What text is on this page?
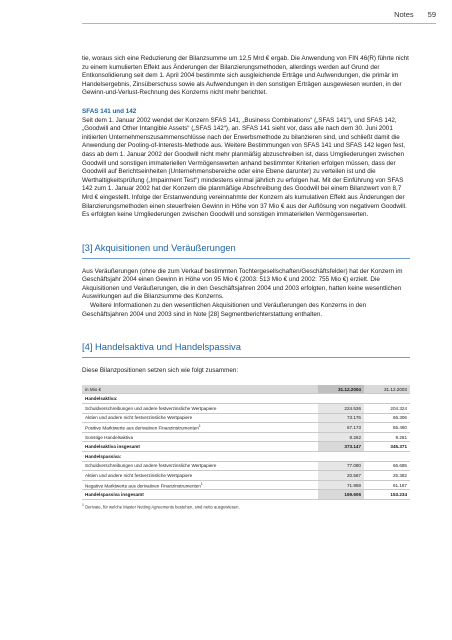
Notes 59

tie, woraus sich eine Reduzierung der Bilanzsumme um 12,5 Mrd € ergab. Die Anwendung von FIN 46(R) führte nicht zu einem kumulierten Effekt aus Änderungen der Bilanzierungsmethoden, allerdings werden auf Grund der Entkonsolidierung seit dem 1. April 2004 bestimmte sich ausgleichende Erträge und Aufwendungen, die primär im Handelsergebnis, Zinsüberschuss sowie als Aufwendungen in den sonstigen Erträgen ausgewiesen wurden, in der Gewinn-und-Verlust-Rechnung des Konzerns nicht mehr berichtet.

SFAS 141 und 142

Seit dem 1. Januar 2002 wendet der Konzern SFAS 141, „Business Combinations“ („SFAS 141“), und SFAS 142, „Goodwill and Other Intangible Assets“ („SFAS 142“), an. SFAS 141 sieht vor, dass alle nach dem 30. Juni 2001 initiierten Unternehmenszusammenschlüsse nach der Erwerbsmethode zu bilanzieren sind, und schließt damit die Anwendung der Pooling-of-Interests-Methode aus. Weitere Bestimmungen von SFAS 141 und SFAS 142 legen fest, dass ab dem 1. Januar 2002 der Goodwill nicht mehr planmäßig abzuschreiben ist, dass Umgliederungen zwischen Goodwill und sonstigen immateriellen Vermögenswerten anhand bestimmter Kriterien erfolgen müssen, dass der Goodwill auf Berichtseinheiten (Unternehmensbereiche oder eine Ebene darunter) zu verteilen ist und die Werthaltigkeitsprüfung („Impairment Test“) mindestens einmal jährlich zu erfolgen hat. Mit der Einführung von SFAS 142 zum 1. Januar 2002 hat der Konzern die planmäßige Abschreibung des Goodwill bei einem Bilanzwert von 8,7 Mrd € eingestellt. Infolge der Erstanwendung vereinnahmte der Konzern als kumulativen Effekt aus Änderungen der Bilanzierungsmethoden einen steuerfreien Gewinn in Höhe von 37 Mio € aus der Auflösung von negativem Goodwill. Es erfolgten keine Umgliederungen zwischen Goodwill und sonstigen immateriellen Vermögenswerten.

[3] Akquisitionen und Veräußerungen

Aus Veräußerungen (ohne die zum Verkauf bestimmten Tochtergesellschaften/Geschäftsfelder) hat der Konzern im Geschäftsjahr 2004 einen Gewinn in Höhe von 95 Mio € (2003: 513 Mio € und 2002: 755 Mio €) erzielt. Die Akquisitionen und Veräußerungen, die in den Geschäftsjahren 2004 und 2003 erfolgten, hatten keine wesentlichen Auswirkungen auf die Bilanzsumme des Konzerns.

Weitere Informationen zu den wesentlichen Akquisitionen und Veräußerungen des Konzerns in den Geschäftsjahren 2004 und 2003 sind in Note [28] Segmentberichterstattung enthalten.

[4] Handelsaktiva und Handelspassiva

Diese Bilanzpositionen setzen sich wie folgt zusammen:

in Mio €	31.12.2004	31.12.2003
Handelsaktiva:		
Schuldverschreibungen und andere festverzinsliche Wertpapiere	224.536	204.324
Aktien und andere nicht festverzinsliche Wertpapiere	73.176	66.306
Positive Marktwerte aus derivativen Finanzinstrumenten$^1$	67.173	65.460
Sonstige Handelsaktiva	8.262	9.281
Handelsaktiva insgesamt	373.147	345.371
Handelspassiva:		
Schuldverschreibungen und andere festverzinsliche Wertpapiere	77.080	66.685
Aktien und andere nicht festverzinsliche Wertpapiere	20.567	25.382
Negative Marktwerte aus derivativen Finanzinstrumenten$^1$	71.959	61.167
Handelspassiva insgesamt	169.606	153.234
$^1$ Derivate, für welche Master Netting Agreements bestehen, sind netto ausgewiesen.
